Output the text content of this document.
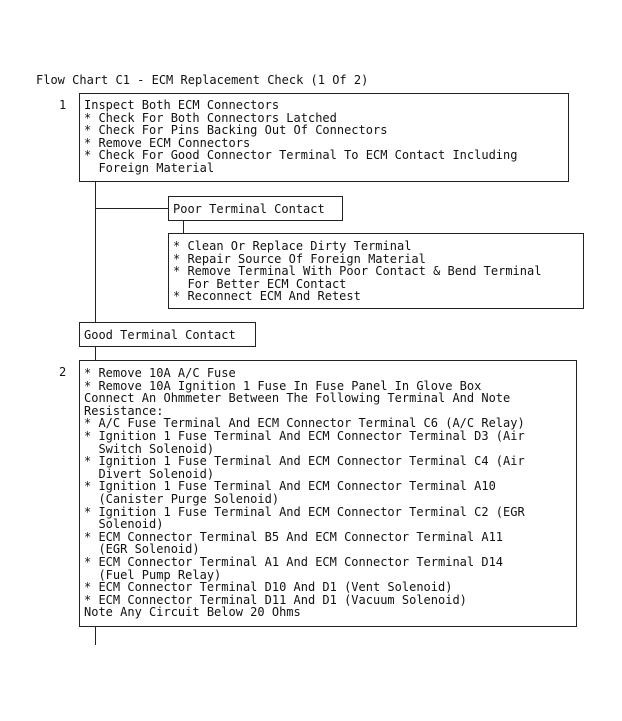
Flow Chart C1 - ECM Replacement Check (1 Of 2)
1 Inspect Both ECM Connectors
* Check For Both Connectors Latched
* Check For Pins Backing Out Of Connectors
* Remove ECM Connectors
* Check For Good Connector Terminal To ECM Contact Including
Foreign Material
Poor Terminal Contact
* Clean Or Replace Dirty Terminal
* Repair Source Of Foreign Material
* Remove Terminal With Poor Contact & Bend Terminal
For Better ECM Contact
* Reconnect ECM And Retest
Good Terminal Contact
2 * Remove 10A A/C Fuse
* Remove 10A Ignition 1 Fuse In Fuse Panel In Glove Box
Connect An Ohmmeter Between The Following Terminal And Note
Resistance:
* A/C Fuse Terminal And ECM Connector Terminal C6 (A/C Relay)
* Ignition 1 Fuse Terminal And ECM Connector Terminal D3 (Air
Switch Solenoid)
* Ignition 1 Fuse Terminal And ECM Connector Terminal C4 (Air
Divert Solenoid)
* Ignition 1 Fuse Terminal And ECM Connector Terminal A10
(Canister Purge Solenoid)
* Ignition 1 Fuse Terminal And ECM Connector Terminal C2 (EGR
Solenoid)
* ECM Connector Terminal B5 And ECM Connector Terminal A11
(EGR Solenoid)
* ECM Connector Terminal A1 And ECM Connector Terminal D14
(Fuel Pump Relay)
* ECM Connector Terminal D10 And D1 (Vent Solenoid)
* ECM Connector Terminal D11 And D1 (Vacuum Solenoid)
Note Any Circuit Below 20 Ohms
